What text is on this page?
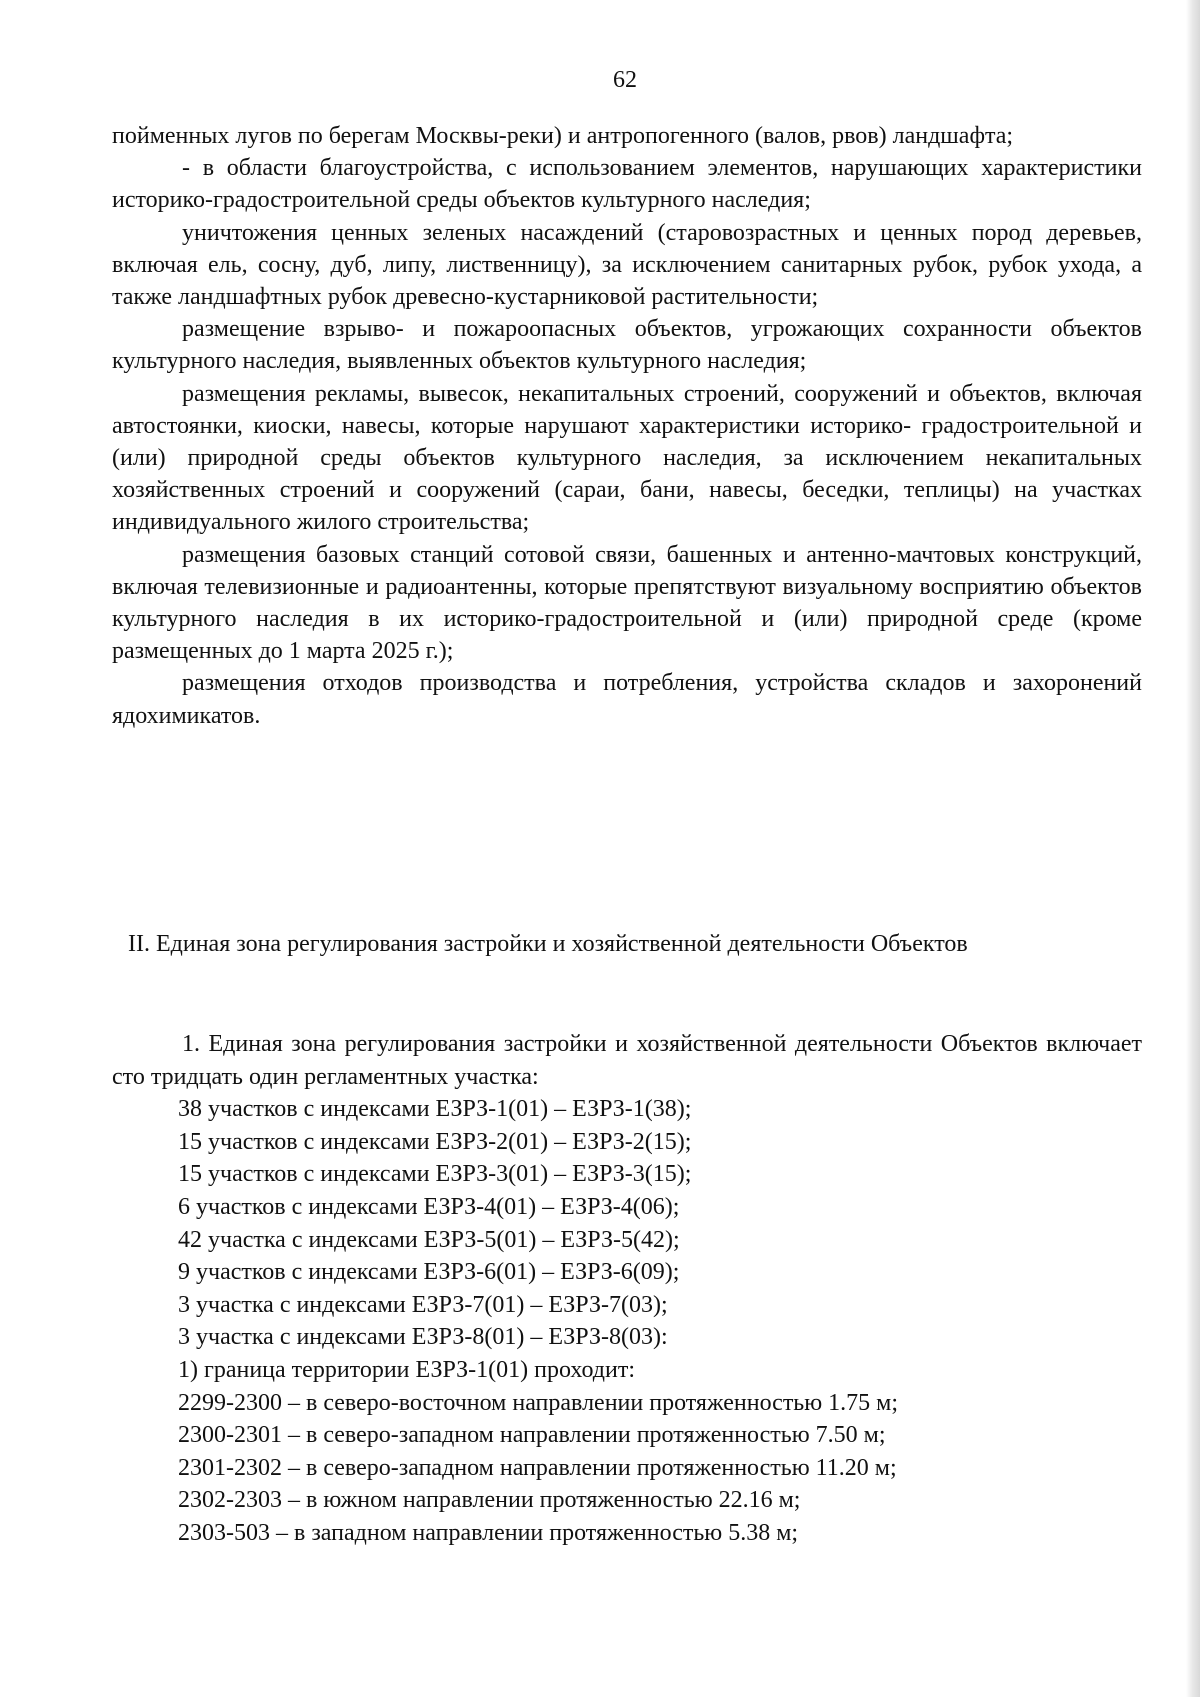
62

пойменных лугов по берегам Москвы-реки) и антропогенного (валов, рвов) ландшафта;

- в области благоустройства, с использованием элементов, нарушающих характеристики историко-градостроительной среды объектов культурного наследия;

уничтожения ценных зеленых насаждений (старовозрастных и ценных пород деревьев, включая ель, сосну, дуб, липу, лиственницу), за исключением санитарных рубок, рубок ухода, а также ландшафтных рубок древесно-кустарниковой растительности;

размещение взрыво- и пожароопасных объектов, угрожающих сохранности объектов культурного наследия, выявленных объектов культурного наследия;

размещения рекламы, вывесок, некапитальных строений, сооружений и объектов, включая автостоянки, киоски, навесы, которые нарушают характеристики историко- градостроительной и (или) природной среды объектов культурного наследия, за исключением некапитальных хозяйственных строений и сооружений (сараи, бани, навесы, беседки, теплицы) на участках индивидуального жилого строительства;

размещения базовых станций сотовой связи, башенных и антенно-мачтовых конструкций, включая телевизионные и радиоантенны, которые препятствуют визуальному восприятию объектов культурного наследия в их историко-градостроительной и (или) природной среде (кроме размещенных до 1 марта 2025 г.);

размещения отходов производства и потребления, устройства складов и захоронений ядохимикатов.

II. Единая зона регулирования застройки и хозяйственной деятельности Объектов

1. Единая зона регулирования застройки и хозяйственной деятельности Объектов включает сто тридцать один регламентных участка:

38 участков с индексами ЕЗРЗ-1(01) – ЕЗРЗ-1(38);

15 участков с индексами ЕЗРЗ-2(01) – ЕЗРЗ-2(15);

15 участков с индексами ЕЗРЗ-3(01) – ЕЗРЗ-3(15);

6 участков с индексами ЕЗРЗ-4(01) – ЕЗРЗ-4(06);

42 участка с индексами ЕЗРЗ-5(01) – ЕЗРЗ-5(42);

9 участков с индексами ЕЗРЗ-6(01) – ЕЗРЗ-6(09);

3 участка с индексами ЕЗРЗ-7(01) – ЕЗРЗ-7(03);

3 участка с индексами ЕЗРЗ-8(01) – ЕЗРЗ-8(03):

1) граница территории ЕЗРЗ-1(01) проходит:

2299-2300 – в северо-восточном направлении протяженностью 1.75 м;

2300-2301 – в северо-западном направлении протяженностью 7.50 м;

2301-2302 – в северо-западном направлении протяженностью 11.20 м;

2302-2303 – в южном направлении протяженностью 22.16 м;

2303-503 – в западном направлении протяженностью 5.38 м;
